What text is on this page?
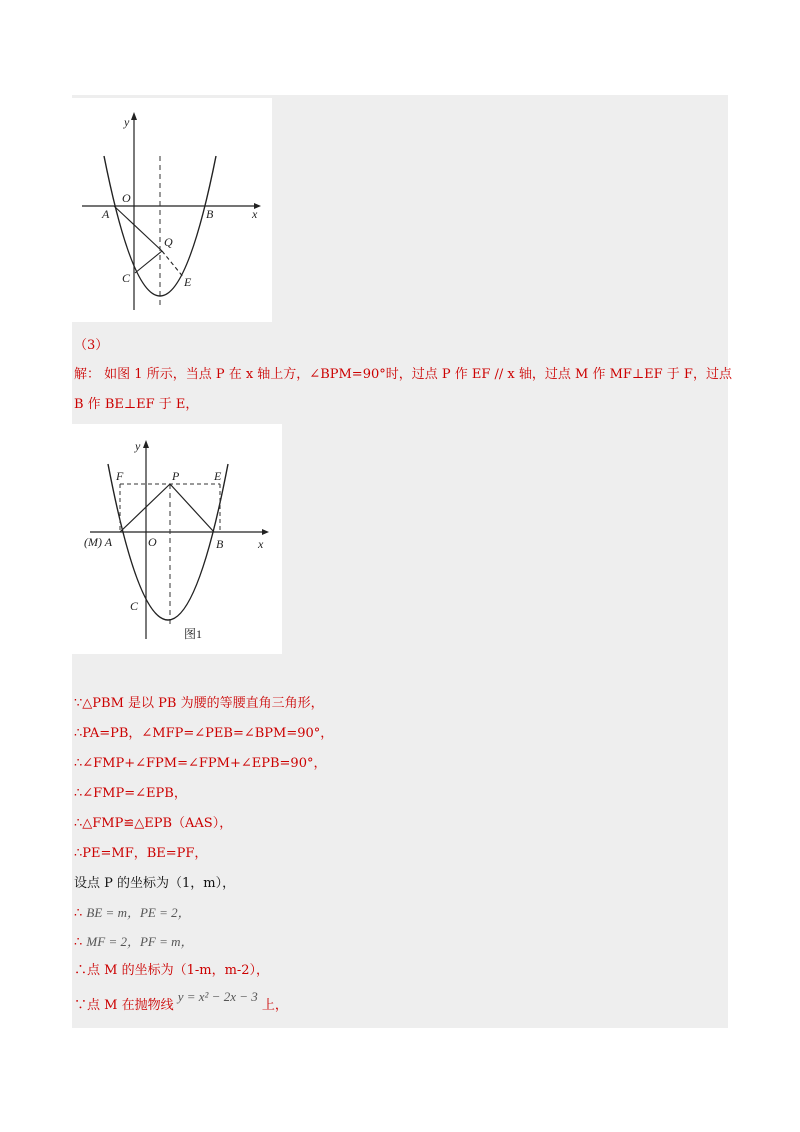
y
x
O
A	B
Q
C	E
（3）
解： 如图 1 所示，当点 P 在 x 轴上方，∠BPM=90°时，过点 P 作 EF // x 轴，过点 M 作 MF⊥EF 于 F，过点
B 作 BE⊥EF 于 E，
y
x
F	P	E
(M) A	O	B
C
图1
∵△PBM 是以 PB 为腰的等腰直角三角形，
∴PA=PB，∠MFP=∠PEB=∠BPM=90°，
∴∠FMP+∠FPM=∠FPM+∠EPB=90°，
∴∠FMP=∠EPB，
∴△FMP≌△EPB（AAS），
∴PE=MF，BE=PF，
设点 P 的坐标为（1，m），
∴ BE = m，PE = 2，
∴ MF = 2，PF = m，
∴点 M 的坐标为（1-m，m-2），
∵点 M 在抛物线 y = x² − 2x − 3 上，
